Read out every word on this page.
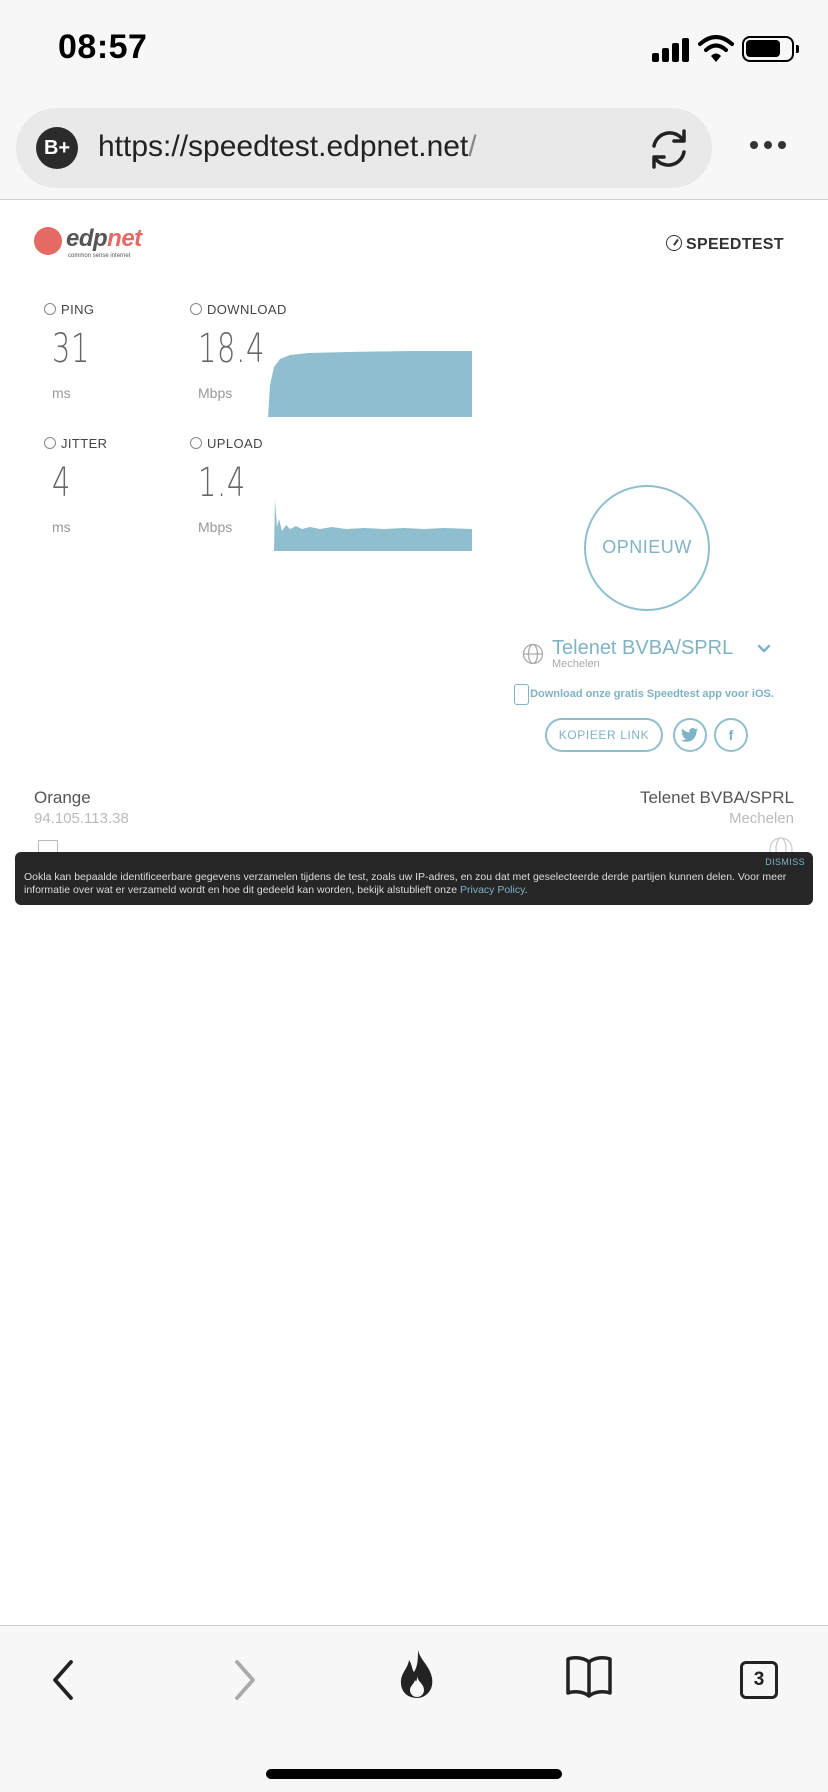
08:57
B+ https://speedtest.edpnet.net/
edpnet
common sense internet
SPEEDTEST
PING
31
ms
DOWNLOAD
18.4
Mbps
JITTER
4
ms
UPLOAD
1.4
Mbps
OPNIEUW
Telenet BVBA/SPRL
Mechelen
Download onze gratis Speedtest app voor iOS.
KOPIEER LINK	f
Orange
94.105.113.38
Telenet BVBA/SPRL
Mechelen
DISMISS
Ookla kan bepaalde identificeerbare gegevens verzamelen tijdens de test, zoals uw IP-adres, en zou dat met geselecteerde derde partijen kunnen delen. Voor meer informatie over wat er verzameld wordt en hoe dit gedeeld kan worden, bekijk alstublieft onze Privacy Policy.
3
